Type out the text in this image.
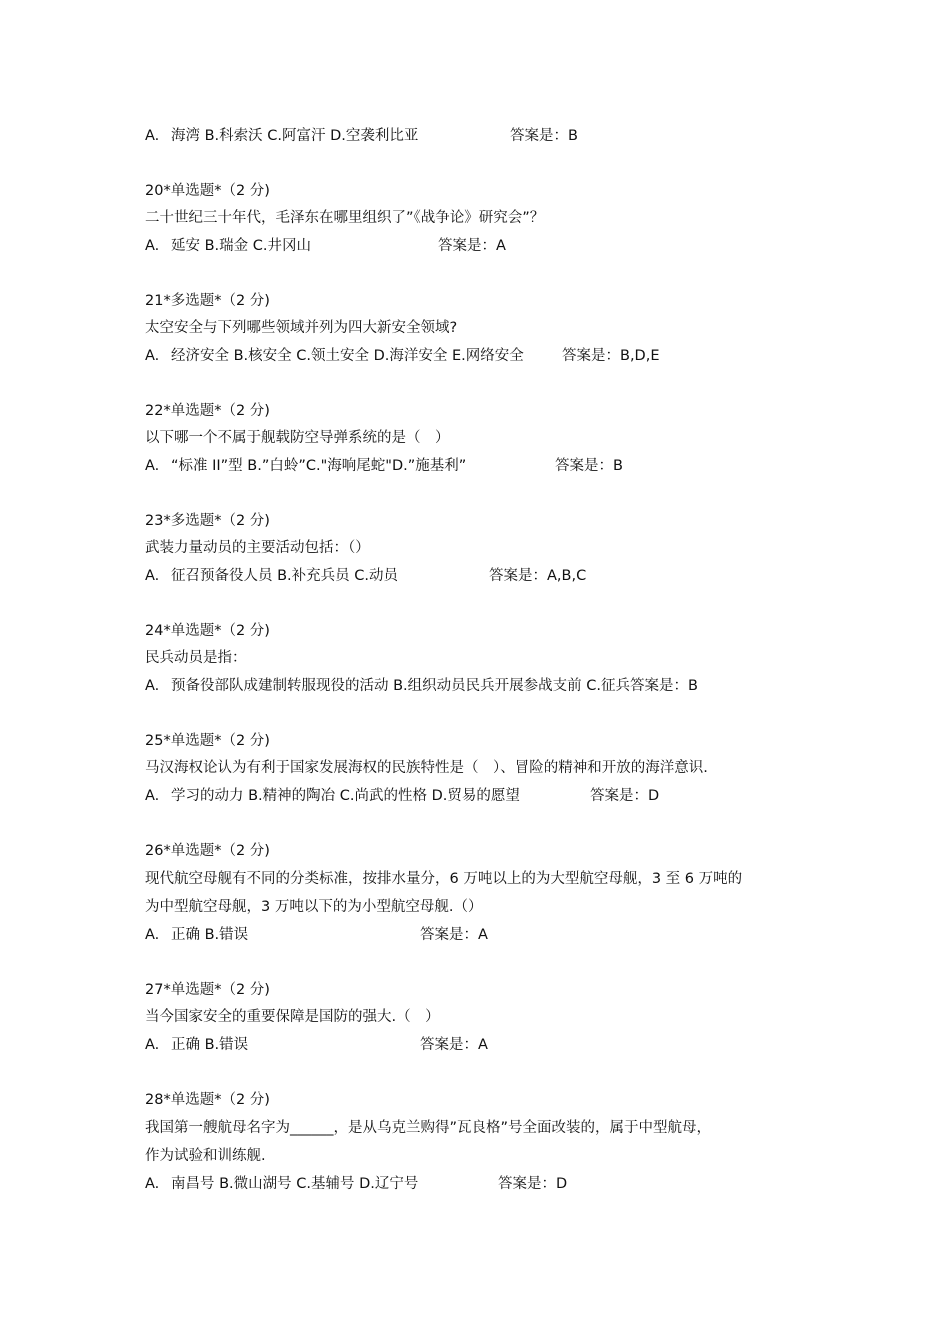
A. 海湾 B.科索沃 C.阿富汗 D.空袭利比亚	答案是：B
20*单选题*（2 分)
二十世纪三十年代，毛泽东在哪里组织了”《战争论》研究会”？
A. 延安 B.瑞金 C.井冈山	答案是：A
21*多选题*（2 分)
太空安全与下列哪些领域并列为四大新安全领域?
A. 经济安全 B.核安全 C.领土安全 D.海洋安全 E.网络安全	答案是：B,D,E
22*单选题*（2 分)
以下哪一个不属于舰载防空导弹系统的是（　）
A. “标准 II”型 B.”白蛉”C."海响尾蛇"D.”施基利”	答案是：B
23*多选题*（2 分)
武装力量动员的主要活动包括：（）
A. 征召预备役人员 B.补充兵员 C.动员	答案是：A,B,C
24*单选题*（2 分)
民兵动员是指：
A. 预备役部队成建制转服现役的活动 B.组织动员民兵开展参战支前 C.征兵答案是：B
25*单选题*（2 分)
马汉海权论认为有利于国家发展海权的民族特性是（　）、冒险的精神和开放的海洋意识.
A. 学习的动力 B.精神的陶冶 C.尚武的性格 D.贸易的愿望	答案是：D
26*单选题*（2 分)
现代航空母舰有不同的分类标准，按排水量分，6 万吨以上的为大型航空母舰，3 至 6 万吨的
为中型航空母舰，3 万吨以下的为小型航空母舰.（）
A. 正确 B.错误	答案是：A
27*单选题*（2 分)
当今国家安全的重要保障是国防的强大.（　）
A. 正确 B.错误	答案是：A
28*单选题*（2 分)
我国第一艘航母名字为______，是从乌克兰购得”瓦良格”号全面改装的，属于中型航母，
作为试验和训练舰.
A. 南昌号 B.微山湖号 C.基辅号 D.辽宁号	答案是：D
